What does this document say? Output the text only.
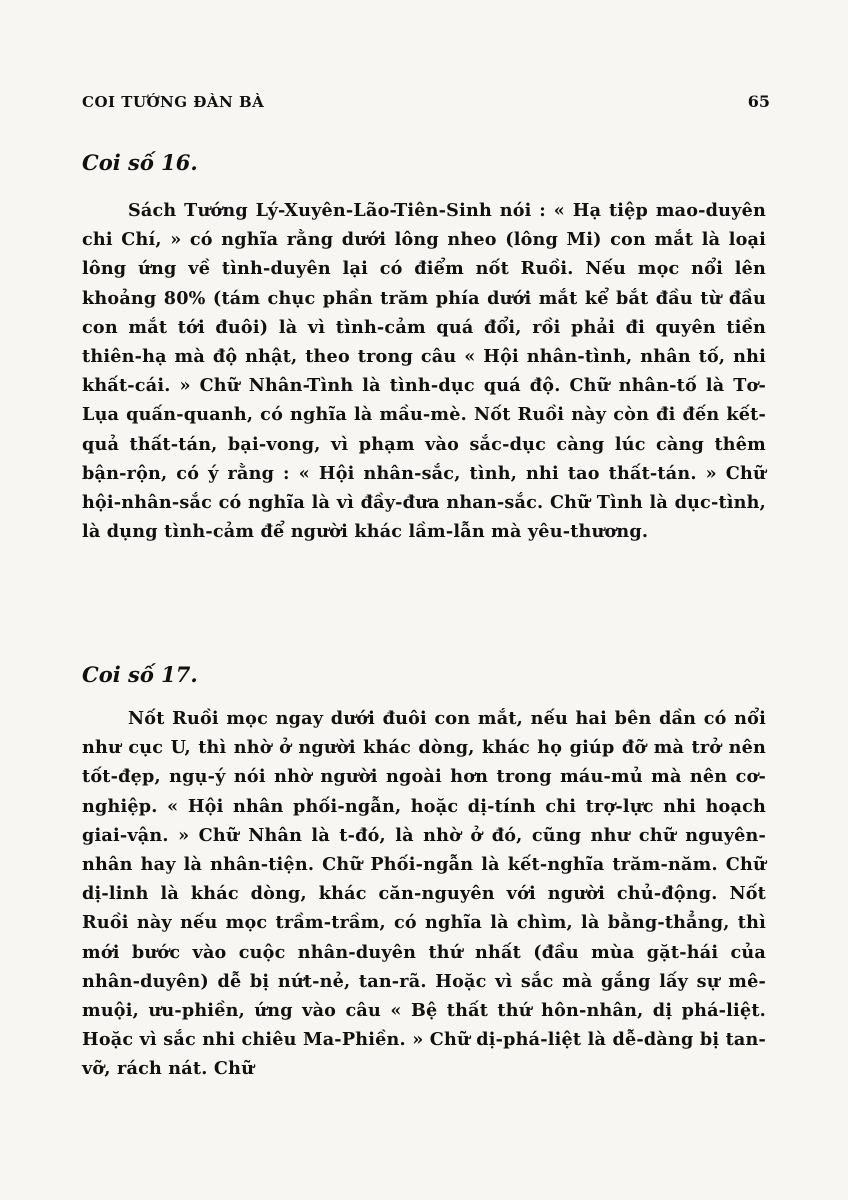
COI TƯỚNG ĐÀN BÀ	65
Coi số 16.

Sách Tướng Lý-Xuyên-Lão-Tiên-Sinh nói : « Hạ tiệp mao-duyên chi Chí, » có nghĩa rằng dưới lông nheo (lông Mi) con mắt là loại lông ứng về tình-duyên lại có điểm nốt Ruồi. Nếu mọc nổi lên khoảng 80% (tám chục phần trăm phía dưới mắt kể bắt đầu từ đầu con mắt tới đuôi) là vì tình-cảm quá đổi, rồi phải đi quyên tiền thiên-hạ mà độ nhật, theo trong câu « Hội nhân-tình, nhân tố, nhi khất-cái. » Chữ Nhân-Tình là tình-dục quá độ. Chữ nhân-tố là Tơ-Lụa quấn-quanh, có nghĩa là mầu-mè. Nốt Ruồi này còn đi đến kết-quả thất-tán, bại-vong, vì phạm vào sắc-dục càng lúc càng thêm bận-rộn, có ý rằng : « Hội nhân-sắc, tình, nhi tao thất-tán. » Chữ hội-nhân-sắc có nghĩa là vì đầy-đưa nhan-sắc. Chữ Tình là dục-tình, là dụng tình-cảm để người khác lầm-lẫn mà yêu-thương.

Coi số 17.

Nốt Ruồi mọc ngay dưới đuôi con mắt, nếu hai bên dần có nổi như cục U, thì nhờ ở người khác dòng, khác họ giúp đỡ mà trở nên tốt-đẹp, ngụ-ý nói nhờ người ngoài hơn trong máu-mủ mà nên cơ-nghiệp. « Hội nhân phối-ngẫn, hoặc dị-tính chi trợ-lực nhi hoạch giai-vận. » Chữ Nhân là t-đó, là nhờ ở đó, cũng như chữ nguyên-nhân hay là nhân-tiện. Chữ Phối-ngẫn là kết-nghĩa trăm-năm. Chữ dị-linh là khác dòng, khác căn-nguyên với người chủ-động. Nốt Ruồi này nếu mọc trầm-trầm, có nghĩa là chìm, là bằng-thẳng, thì mới bước vào cuộc nhân-duyên thứ nhất (đầu mùa gặt-hái của nhân-duyên) dễ bị nứt-nẻ, tan-rã. Hoặc vì sắc mà gắng lấy sự mê-muội, ưu-phiền, ứng vào câu « Bệ thất thứ hôn-nhân, dị phá-liệt. Hoặc vì sắc nhi chiêu Ma-Phiền. » Chữ dị-phá-liệt là dễ-dàng bị tan-vỡ, rách nát. Chữ
